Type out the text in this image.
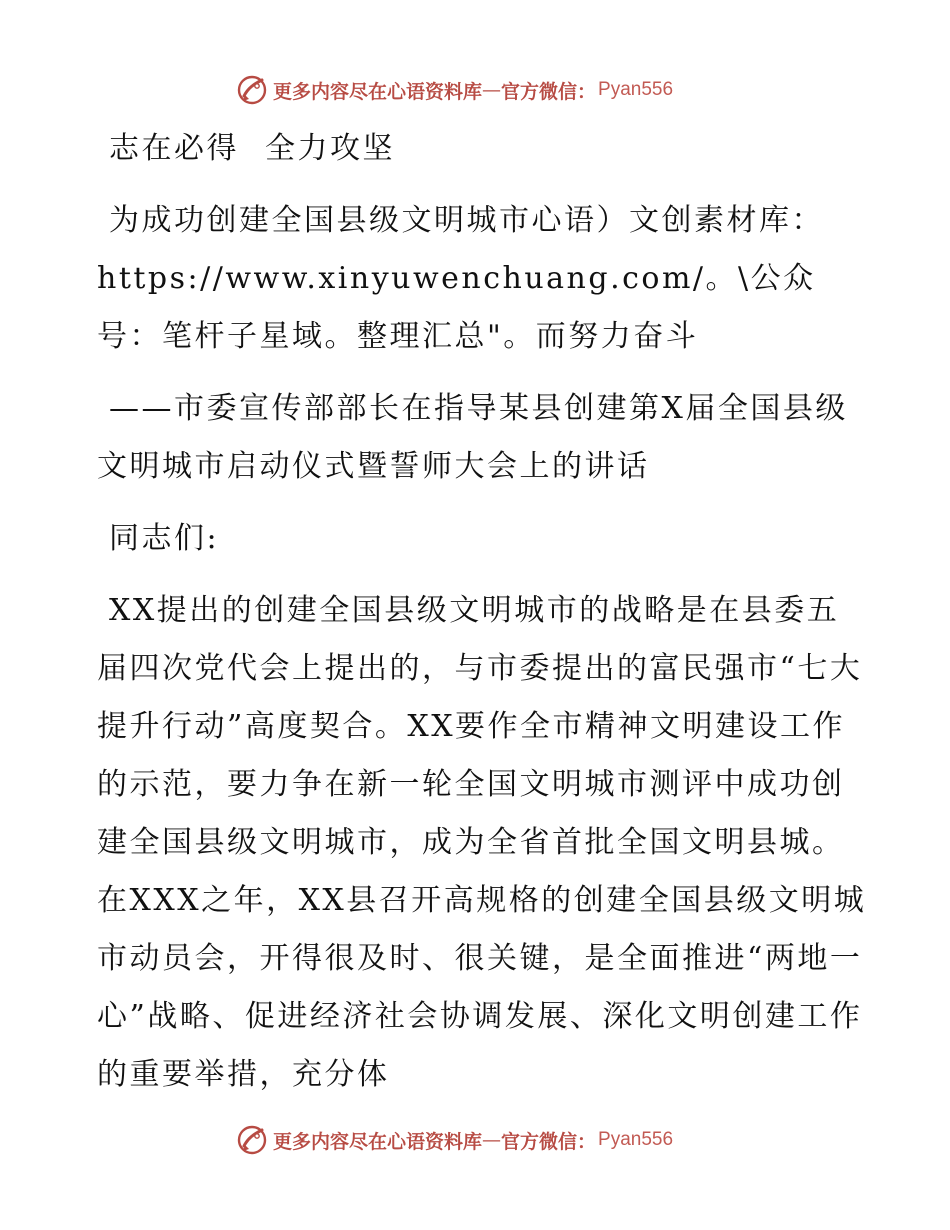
更多内容尽在心语资料库 — 官方微信： Pyan556

志在必得 全力攻坚

为成功创建全国县级文明城市心语）文创素材库：https://www.xinyuwenchuang.com/。\公众号：笔杆子星域。整理汇总"。而努力奋斗

——市委宣传部部长在指导某县创建第X届全国县级文明城市启动仪式暨誓师大会上的讲话

同志们:

XX提出的创建全国县级文明城市的战略是在县委五届四次党代会上提出的，与市委提出的富民强市“七大提升行动”高度契合。XX要作全市精神文明建设工作的示范，要力争在新一轮全国文明城市测评中成功创建全国县级文明城市，成为全省首批全国文明县城。在XXX之年，XX县召开高规格的创建全国县级文明城市动员会，开得很及时、很关键，是全面推进“两地一心”战略、促进经济社会协调发展、深化文明创建工作的重要举措，充分体

更多内容尽在心语资料库 — 官方微信： Pyan556
